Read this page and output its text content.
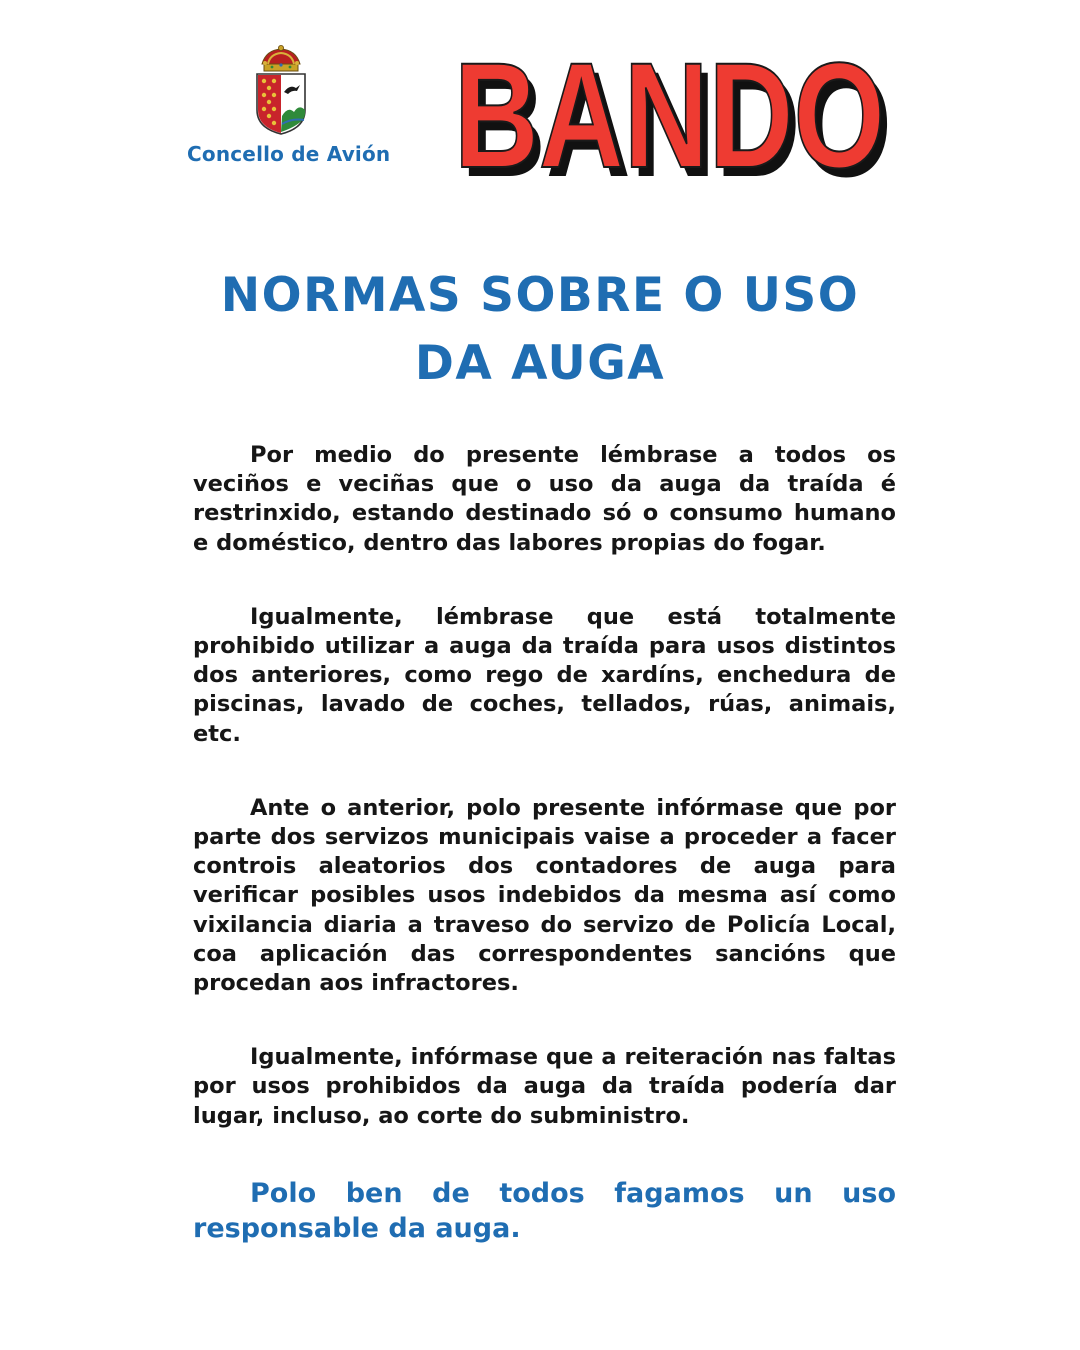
Concello de Avión BANDO
BANDO
NORMAS SOBRE O USO
DA AUGA

Por medio do presente lémbrase a todos os veciños e veciñas que o uso da auga da traída é restrinxido, estando destinado só o consumo humano e doméstico, dentro das labores propias do fogar.

Igualmente, lémbrase que está totalmente prohibido utilizar a auga da traída para usos distintos dos anteriores, como rego de xardíns, enchedura de piscinas, lavado de coches, tellados, rúas, animais, etc.

Ante o anterior, polo presente infórmase que por parte dos servizos municipais vaise a proceder a facer controis aleatorios dos contadores de auga para verificar posibles usos indebidos da mesma así como vixilancia diaria a traveso do servizo de Policía Local, coa aplicación das correspondentes sancións que procedan aos infractores.

Igualmente, infórmase que a reiteración nas faltas por usos prohibidos da auga da traída podería dar lugar, incluso, ao corte do subministro.

Polo ben de todos fagamos un uso responsable da auga.
